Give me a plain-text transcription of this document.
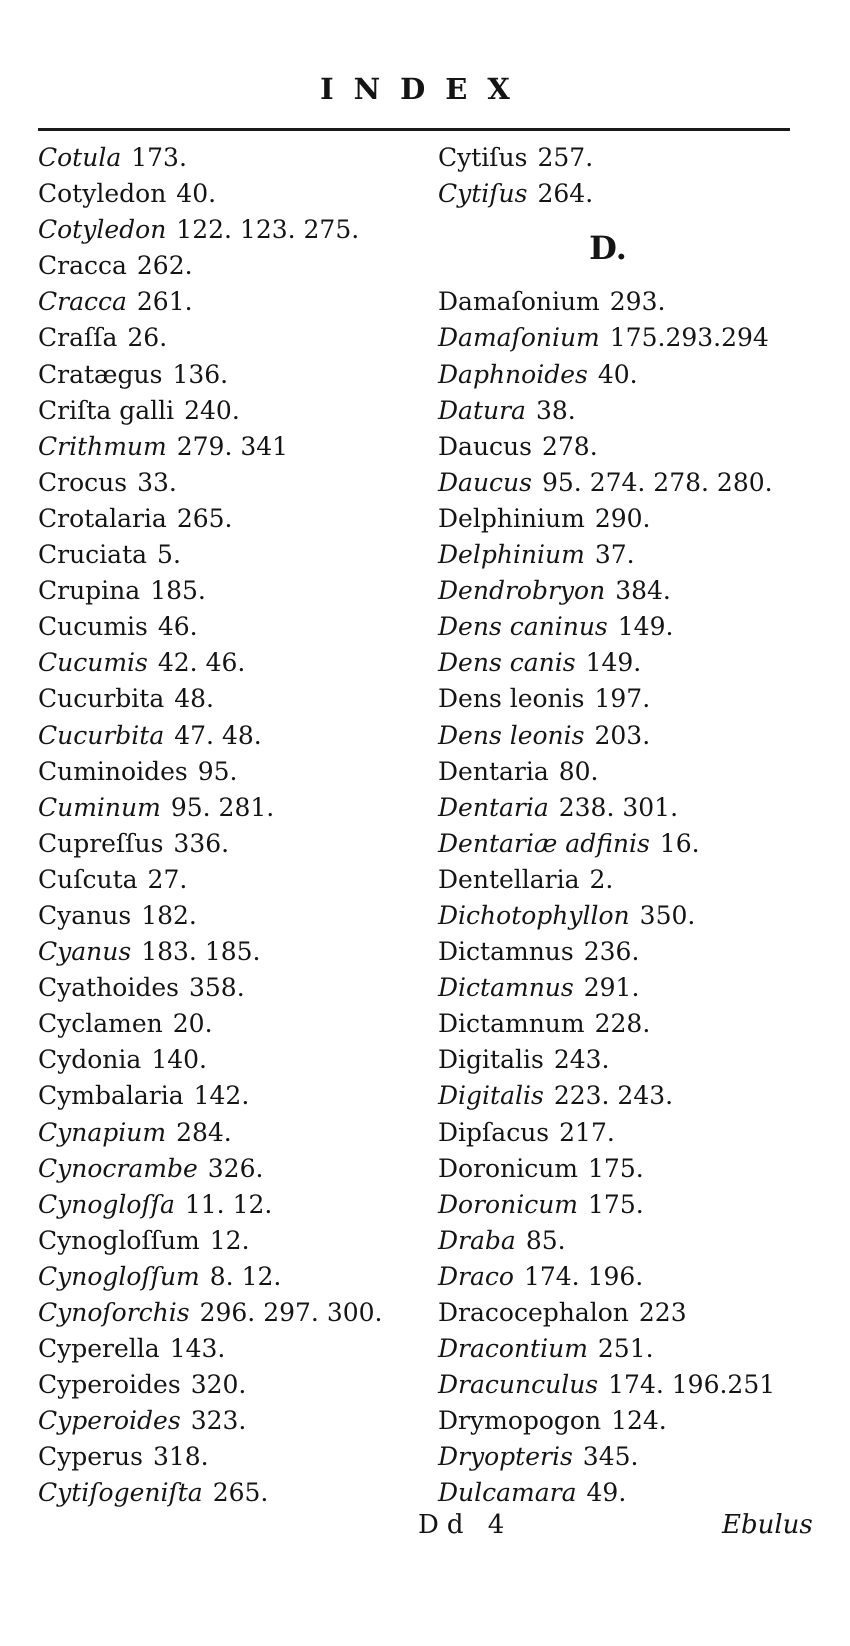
INDEX
Cotula 173.
Cotyledon 40.
Cotyledon 122. 123. 275.
Cracca 262.
Cracca 261.
Craſſa 26.
Cratægus 136.
Criſta galli 240.
Crithmum 279. 341
Crocus 33.
Crotalaria 265.
Cruciata 5.
Crupina 185.
Cucumis 46.
Cucumis 42. 46.
Cucurbita 48.
Cucurbita 47. 48.
Cuminoides 95.
Cuminum 95. 281.
Cupreſſus 336.
Cuſcuta 27.
Cyanus 182.
Cyanus 183. 185.
Cyathoides 358.
Cyclamen 20.
Cydonia 140.
Cymbalaria 142.
Cynapium 284.
Cynocrambe 326.
Cynogloſſa 11. 12.
Cynogloſſum 12.
Cynogloſſum 8. 12.
Cynoſorchis 296. 297. 300.
Cyperella 143.
Cyperoides 320.
Cyperoides 323.
Cyperus 318.
Cytiſogeniſta 265.
Cytiſus 257.
Cytiſus 264.
D.
Damaſonium 293.
Damaſonium 175.293.294
Daphnoides 40.
Datura 38.
Daucus 278.
Daucus 95. 274. 278. 280.
Delphinium 290.
Delphinium 37.
Dendrobryon 384.
Dens caninus 149.
Dens canis 149.
Dens leonis 197.
Dens leonis 203.
Dentaria 80.
Dentaria 238. 301.
Dentariæ adfinis 16.
Dentellaria 2.
Dichotophyllon 350.
Dictamnus 236.
Dictamnus 291.
Dictamnum 228.
Digitalis 243.
Digitalis 223. 243.
Dipſacus 217.
Doronicum 175.
Doronicum 175.
Draba 85.
Draco 174. 196.
Dracocephalon 223
Dracontium 251.
Dracunculus 174. 196.251
Drymopogon 124.
Dryopteris 345.
Dulcamara 49.
Dd 4	Ebulus
